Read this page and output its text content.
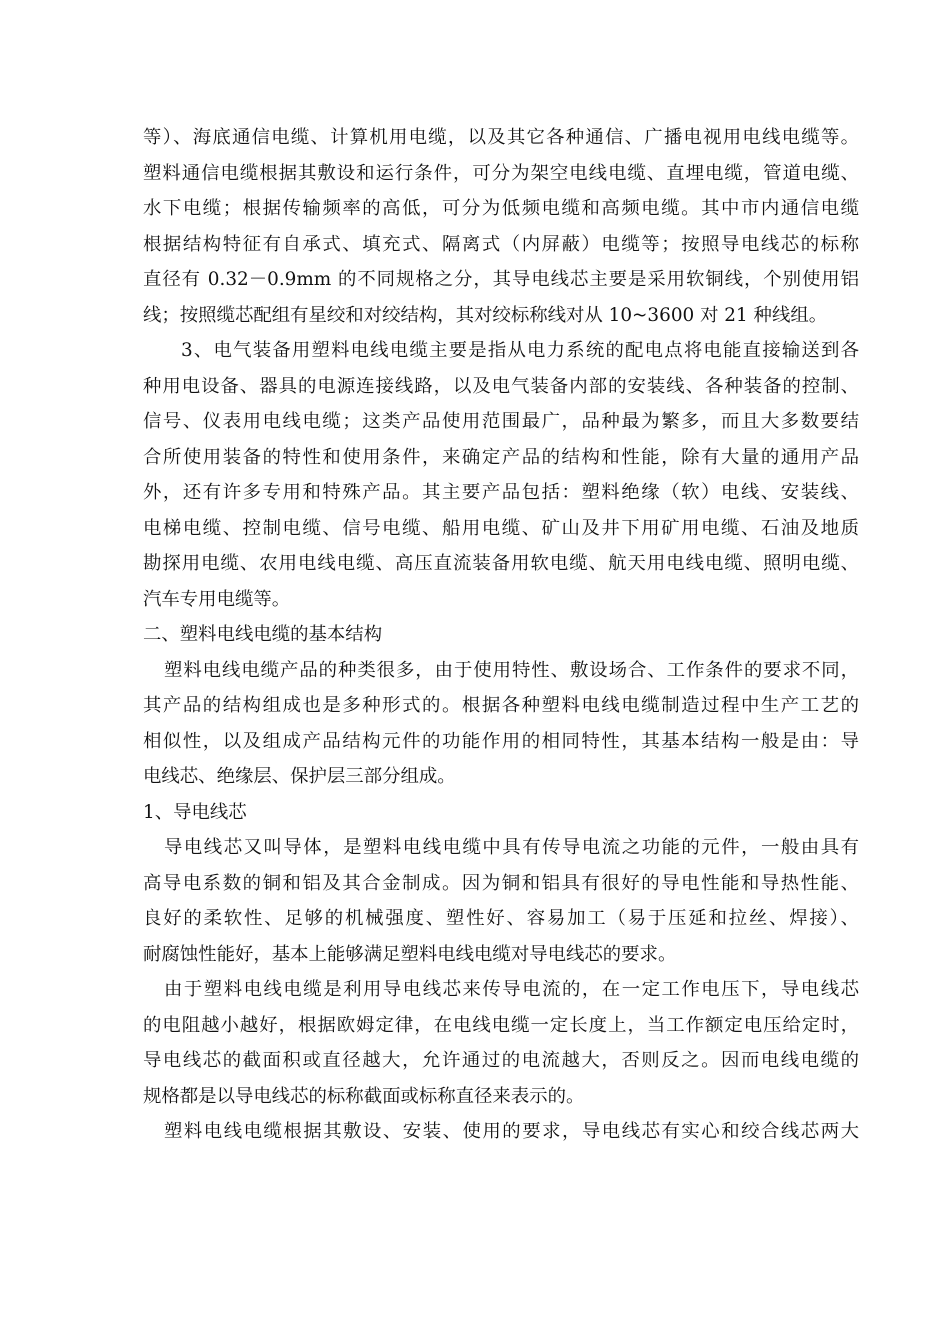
等）、海底通信电缆、计算机用电缆，以及其它各种通信、广播电视用电线电缆等。
塑料通信电缆根据其敷设和运行条件，可分为架空电线电缆、直埋电缆，管道电缆、
水下电缆；根据传输频率的高低，可分为低频电缆和高频电缆。其中市内通信电缆
根据结构特征有自承式、填充式、隔离式（内屏蔽）电缆等；按照导电线芯的标称
直径有 0.32－0.9mm 的不同规格之分，其导电线芯主要是采用软铜线，个别使用铝
线；按照缆芯配组有星绞和对绞结构，其对绞标称线对从 10~3600 对 21 种线组。
3、电气装备用塑料电线电缆主要是指从电力系统的配电点将电能直接输送到各
种用电设备、器具的电源连接线路，以及电气装备内部的安装线、各种装备的控制、
信号、仪表用电线电缆；这类产品使用范围最广，品种最为繁多，而且大多数要结
合所使用装备的特性和使用条件，来确定产品的结构和性能，除有大量的通用产品
外，还有许多专用和特殊产品。其主要产品包括：塑料绝缘（软）电线、安装线、
电梯电缆、控制电缆、信号电缆、船用电缆、矿山及井下用矿用电缆、石油及地质
勘探用电缆、农用电线电缆、高压直流装备用软电缆、航天用电线电缆、照明电缆、
汽车专用电缆等。
二、塑料电线电缆的基本结构
塑料电线电缆产品的种类很多，由于使用特性、敷设场合、工作条件的要求不同，
其产品的结构组成也是多种形式的。根据各种塑料电线电缆制造过程中生产工艺的
相似性，以及组成产品结构元件的功能作用的相同特性，其基本结构一般是由：导
电线芯、绝缘层、保护层三部分组成。
1、导电线芯
导电线芯又叫导体，是塑料电线电缆中具有传导电流之功能的元件，一般由具有
高导电系数的铜和铝及其合金制成。因为铜和铝具有很好的导电性能和导热性能、
良好的柔软性、足够的机械强度、塑性好、容易加工（易于压延和拉丝、焊接）、
耐腐蚀性能好，基本上能够满足塑料电线电缆对导电线芯的要求。
由于塑料电线电缆是利用导电线芯来传导电流的，在一定工作电压下，导电线芯
的电阻越小越好，根据欧姆定律，在电线电缆一定长度上，当工作额定电压给定时，
导电线芯的截面积或直径越大，允许通过的电流越大，否则反之。因而电线电缆的
规格都是以导电线芯的标称截面或标称直径来表示的。
塑料电线电缆根据其敷设、安装、使用的要求，导电线芯有实心和绞合线芯两大
